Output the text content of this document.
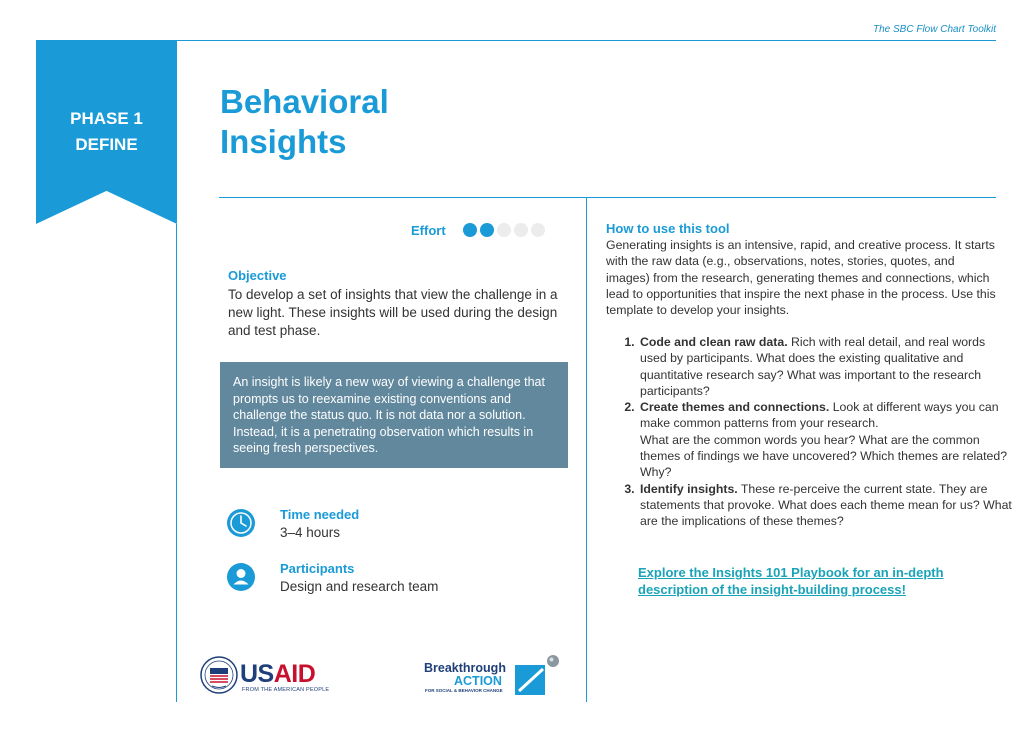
The SBC Flow Chart Toolkit
PHASE 1
DEFINE
Behavioral
Insights
Effort
Objective
To develop a set of insights that view the challenge in a new light. These insights will be used during the design and test phase.
An insight is likely a new way of viewing a challenge that prompts us to reexamine existing conventions and challenge the status quo. It is not data nor a solution. Instead, it is a penetrating observation which results in seeing fresh perspectives.
Time needed
3–4 hours
Participants
Design and research team
How to use this tool
Generating insights is an intensive, rapid, and creative process. It starts with the raw data (e.g., observations, notes, stories, quotes, and images) from the research, generating themes and connections, which lead to opportunities that inspire the next phase in the process. Use this template to develop your insights.
1. Code and clean raw data. Rich with real detail, and real words used by participants. What does the existing qualitative and quantitative research say? What was important to the research participants?
2. Create themes and connections. Look at different ways you can make common patterns from your research.
What are the common words you hear? What are the common themes of findings we have uncovered? Which themes are related? Why?
3. Identify insights. These re-perceive the current state. They are statements that provoke. What does each theme mean for us? What are the implications of these themes?
Explore the Insights 101 Playbook for an in-depth description of the insight-building process!
USAID
FROM THE AMERICAN PEOPLE
Breakthrough
ACTION
FOR SOCIAL & BEHAVIOR CHANGE
